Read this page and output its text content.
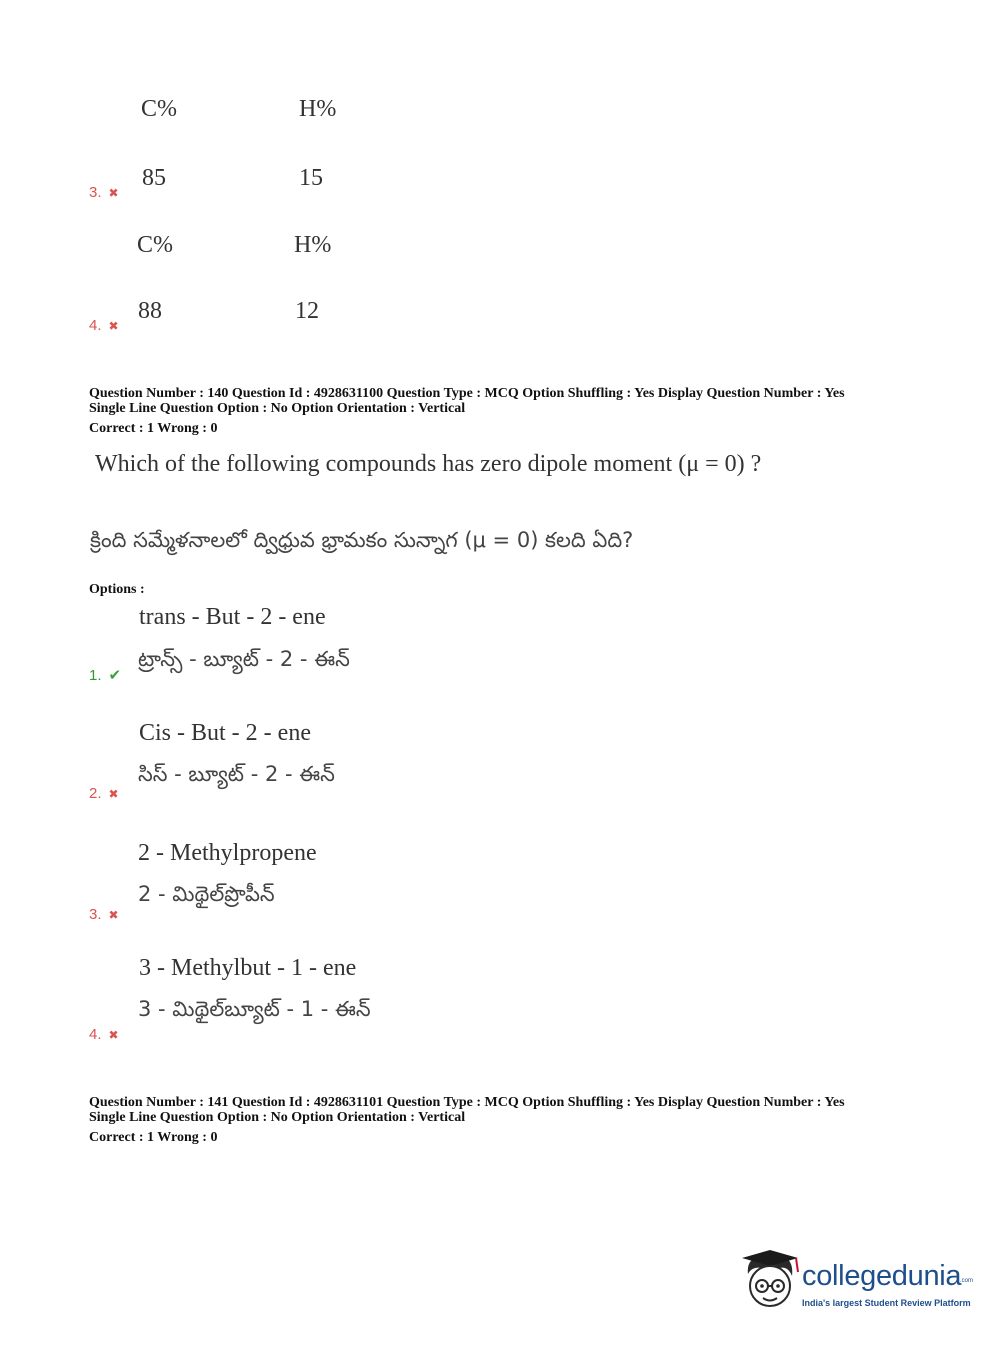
C%	H%
85	15
3. ✖
C%	H%
88	12
4. ✖
Question Number : 140 Question Id : 4928631100 Question Type : MCQ Option Shuffling : Yes Display Question Number : Yes
Single Line Question Option : No Option Orientation : Vertical
Correct : 1 Wrong : 0
Which of the following compounds has zero dipole moment (μ = 0) ?
క్రింది సమ్మేళనాలలో ద్విధ్రువ భ్రామకం సున్నాగ (μ = 0) కలది ఏది?
Options :
trans - But - 2 - ene
ట్రాన్స్ - బ్యూట్ - 2 - ఈన్
1. ✔
Cis - But - 2 - ene
సిస్ - బ్యూట్ - 2 - ఈన్
2. ✖
2 - Methylpropene
2 - మిథైల్‌ప్రొపీన్
3. ✖
3 - Methylbut - 1 - ene
3 - మిథైల్‌బ్యూట్ - 1 - ఈన్
4. ✖
Question Number : 141 Question Id : 4928631101 Question Type : MCQ Option Shuffling : Yes Display Question Number : Yes
Single Line Question Option : No Option Orientation : Vertical
Correct : 1 Wrong : 0
collegedunia
.com
India's largest Student Review Platform
